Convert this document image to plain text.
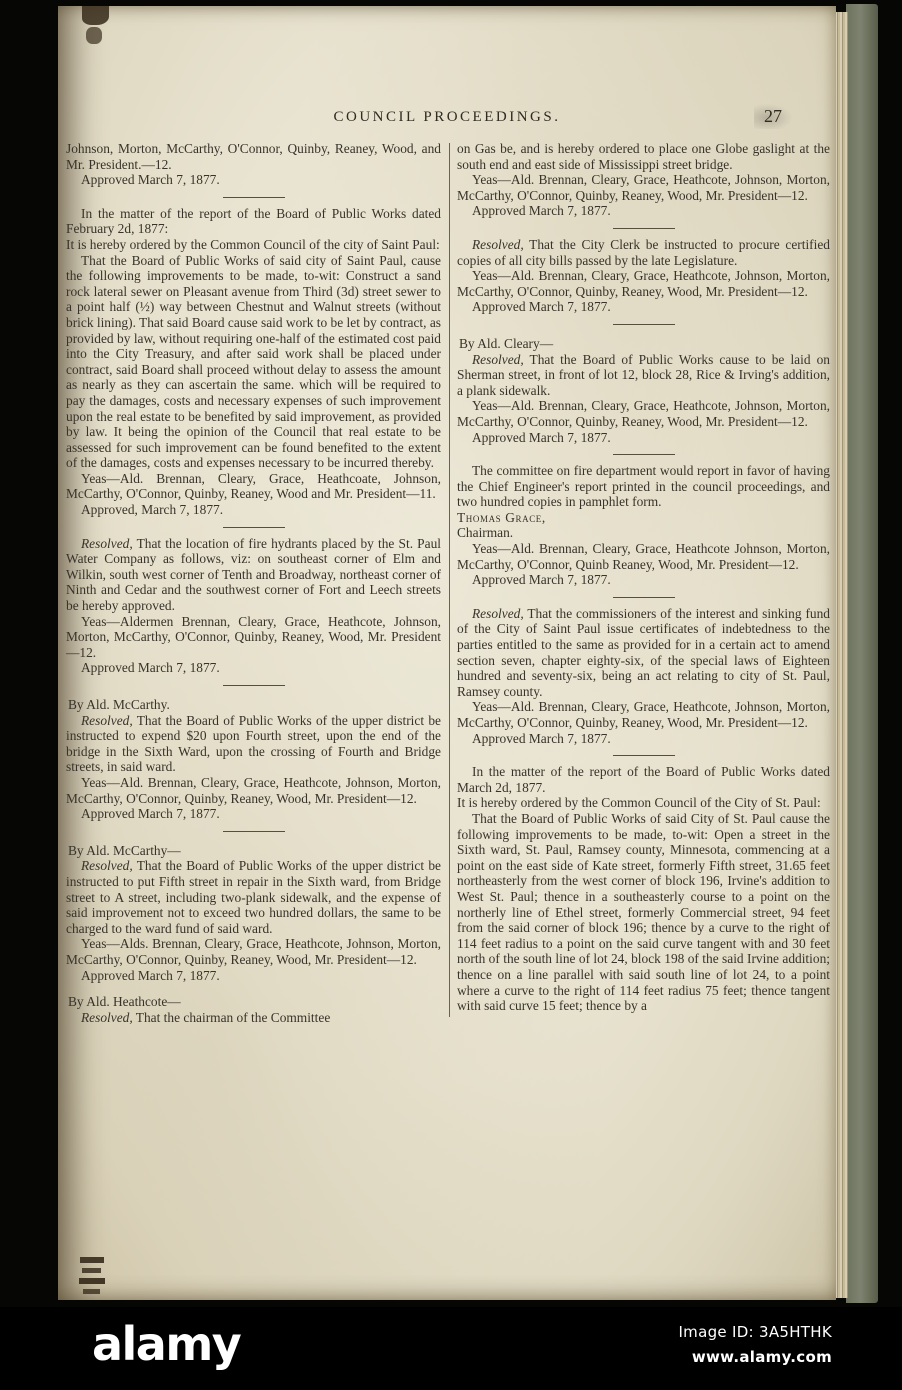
COUNCIL PROCEEDINGS.	27

Johnson, Morton, McCarthy, O'Connor, Quinby, Reaney, Wood, and Mr. President.—12.

Approved March 7, 1877.

In the matter of the report of the Board of Public Works dated February 2d, 1877:

It is hereby ordered by the Common Council of the city of Saint Paul:

That the Board of Public Works of said city of Saint Paul, cause the following improvements to be made, to-wit: Construct a sand rock lateral sewer on Pleasant avenue from Third (3d) street sewer to a point half (½) way between Chestnut and Walnut streets (without brick lining). That said Board cause said work to be let by contract, as provided by law, without requiring one-half of the estimated cost paid into the City Treasury, and after said work shall be placed under contract, said Board shall proceed without delay to assess the amount as nearly as they can ascertain the same. which will be required to pay the damages, costs and necessary expenses of such improvement upon the real estate to be benefited by said improvement, as provided by law. It being the opinion of the Council that real estate to be assessed for such improvement can be found benefited to the extent of the damages, costs and expenses necessary to be incurred thereby.

Yeas—Ald. Brennan, Cleary, Grace, Heathcoate, Johnson, McCarthy, O'Connor, Quinby, Reaney, Wood and Mr. President—11.

Approved, March 7, 1877.

Resolved, That the location of fire hydrants placed by the St. Paul Water Company as follows, viz: on southeast corner of Elm and Wilkin, south west corner of Tenth and Broadway, northeast corner of Ninth and Cedar and the southwest corner of Fort and Leech streets be hereby approved.

Yeas—Aldermen Brennan, Cleary, Grace, Heathcote, Johnson, Morton, McCarthy, O'Connor, Quinby, Reaney, Wood, Mr. President—12.

Approved March 7, 1877.

By Ald. McCarthy.

Resolved, That the Board of Public Works of the upper district be instructed to expend $20 upon Fourth street, upon the end of the bridge in the Sixth Ward, upon the crossing of Fourth and Bridge streets, in said ward.

Yeas—Ald. Brennan, Cleary, Grace, Heathcote, Johnson, Morton, McCarthy, O'Connor, Quinby, Reaney, Wood, Mr. President—12.

Approved March 7, 1877.

By Ald. McCarthy—

Resolved, That the Board of Public Works of the upper district be instructed to put Fifth street in repair in the Sixth ward, from Bridge street to A street, including two-plank sidewalk, and the expense of said improvement not to exceed two hundred dollars, the same to be charged to the ward fund of said ward.

Yeas—Alds. Brennan, Cleary, Grace, Heathcote, Johnson, Morton, McCarthy, O'Connor, Quinby, Reaney, Wood, Mr. President—12.

Approved March 7, 1877.

By Ald. Heathcote—

Resolved, That the chairman of the Committee

on Gas be, and is hereby ordered to place one Globe gaslight at the south end and east side of Mississippi street bridge.

Yeas—Ald. Brennan, Cleary, Grace, Heathcote, Johnson, Morton, McCarthy, O'Connor, Quinby, Reaney, Wood, Mr. President—12.

Approved March 7, 1877.

Resolved, That the City Clerk be instructed to procure certified copies of all city bills passed by the late Legislature.

Yeas—Ald. Brennan, Cleary, Grace, Heathcote, Johnson, Morton, McCarthy, O'Connor, Quinby, Reaney, Wood, Mr. President—12.

Approved March 7, 1877.

By Ald. Cleary—

Resolved, That the Board of Public Works cause to be laid on Sherman street, in front of lot 12, block 28, Rice & Irving's addition, a plank sidewalk.

Yeas—Ald. Brennan, Cleary, Grace, Heathcote, Johnson, Morton, McCarthy, O'Connor, Quinby, Reaney, Wood, Mr. President—12.

Approved March 7, 1877.

The committee on fire department would report in favor of having the Chief Engineer's report printed in the council proceedings, and two hundred copies in pamphlet form.

Thomas Grace,

Chairman.

Yeas—Ald. Brennan, Cleary, Grace, Heathcote Johnson, Morton, McCarthy, O'Connor, Quinb Reaney, Wood, Mr. President—12.

Approved March 7, 1877.

Resolved, That the commissioners of the interest and sinking fund of the City of Saint Paul issue certificates of indebtedness to the parties entitled to the same as provided for in a certain act to amend section seven, chapter eighty-six, of the special laws of Eighteen hundred and seventy-six, being an act relating to city of St. Paul, Ramsey county.

Yeas—Ald. Brennan, Cleary, Grace, Heathcote, Johnson, Morton, McCarthy, O'Connor, Quinby, Reaney, Wood, Mr. President—12.

Approved March 7, 1877.

In the matter of the report of the Board of Public Works dated March 2d, 1877.

It is hereby ordered by the Common Council of the City of St. Paul:

That the Board of Public Works of said City of St. Paul cause the following improvements to be made, to-wit: Open a street in the Sixth ward, St. Paul, Ramsey county, Minnesota, commencing at a point on the east side of Kate street, formerly Fifth street, 31.65 feet northeasterly from the west corner of block 196, Irvine's addition to West St. Paul; thence in a southeasterly course to a point on the northerly line of Ethel street, formerly Commercial street, 94 feet from the said corner of block 196; thence by a curve to the right of 114 feet radius to a point on the said curve tangent with and 30 feet north of the south line of lot 24, block 198 of the said Irvine addition; thence on a line parallel with said south line of lot 24, to a point where a curve to the right of 114 feet radius 75 feet; thence tangent with said curve 15 feet; thence by a

alamy	Image ID: 3A5HTHK
www.alamy.com
